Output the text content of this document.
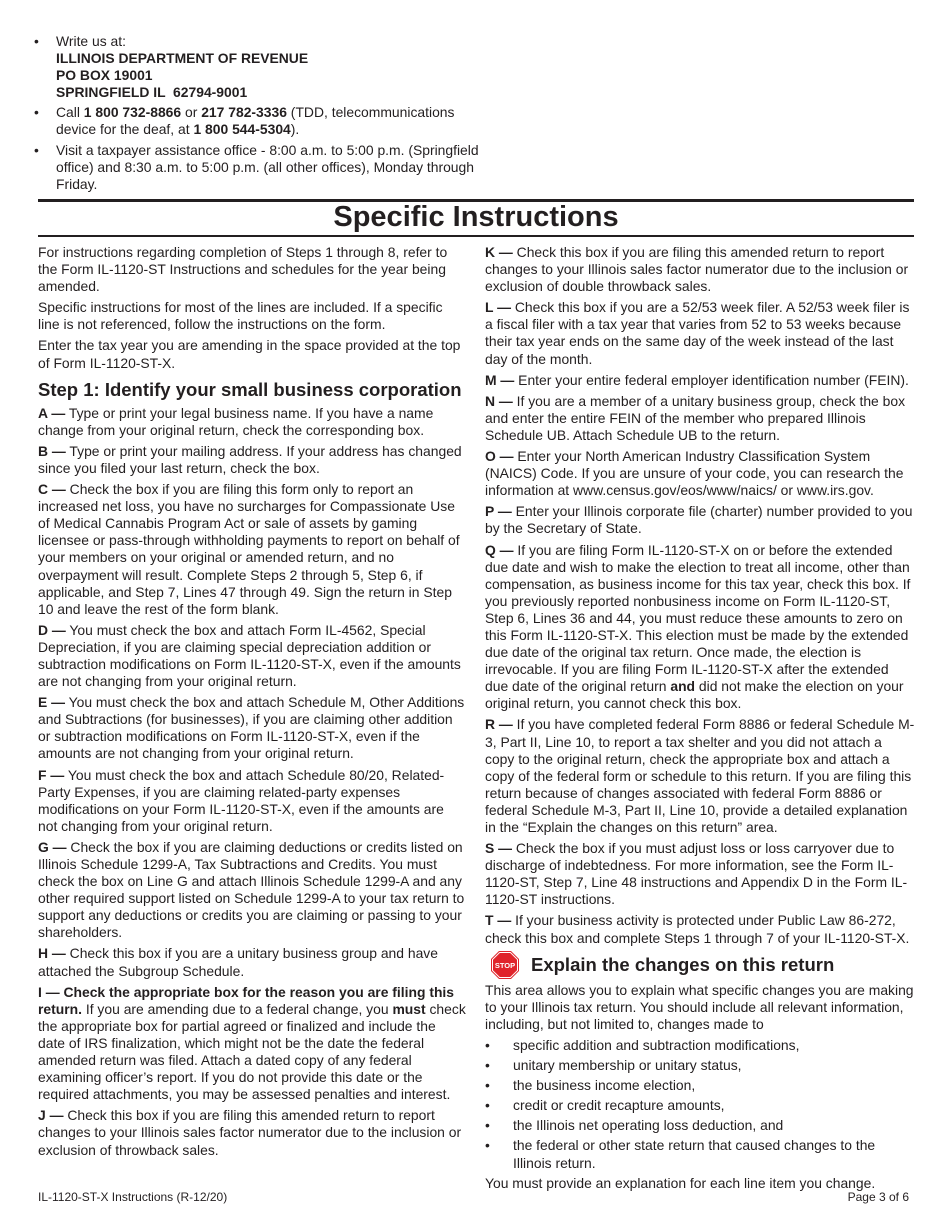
• Write us at:
ILLINOIS DEPARTMENT OF REVENUE
PO BOX 19001
SPRINGFIELD IL  62794-9001
• Call 1 800 732-8866 or 217 782-3336 (TDD, telecommunications device for the deaf, at 1 800 544-5304).
• Visit a taxpayer assistance office - 8:00 a.m. to 5:00 p.m. (Springfield office) and 8:30 a.m. to 5:00 p.m. (all other offices), Monday through Friday.
Specific Instructions

For instructions regarding completion of Steps 1 through 8, refer to the Form IL-1120-ST Instructions and schedules for the year being amended.

Specific instructions for most of the lines are included. If a specific line is not referenced, follow the instructions on the form.

Enter the tax year you are amending in the space provided at the top of Form IL-1120-ST-X.

Step 1: Identify your small business corporation

A — Type or print your legal business name. If you have a name change from your original return, check the corresponding box.

B — Type or print your mailing address. If your address has changed since you filed your last return, check the box.

C — Check the box if you are filing this form only to report an increased net loss, you have no surcharges for Compassionate Use of Medical Cannabis Program Act or sale of assets by gaming licensee or pass-through withholding payments to report on behalf of your members on your original or amended return, and no overpayment will result. Complete Steps 2 through 5, Step 6, if applicable, and Step 7, Lines 47 through 49. Sign the return in Step 10 and leave the rest of the form blank.

D — You must check the box and attach Form IL-4562, Special Depreciation, if you are claiming special depreciation addition or subtraction modifications on Form IL-1120-ST-X, even if the amounts are not changing from your original return.

E — You must check the box and attach Schedule M, Other Additions and Subtractions (for businesses), if you are claiming other addition or subtraction modifications on Form IL-1120-ST-X, even if the amounts are not changing from your original return.

F — You must check the box and attach Schedule 80/20, Related-Party Expenses, if you are claiming related-party expenses modifications on your Form IL-1120-ST-X, even if the amounts are not changing from your original return.

G — Check the box if you are claiming deductions or credits listed on Illinois Schedule 1299-A, Tax Subtractions and Credits. You must check the box on Line G and attach Illinois Schedule 1299-A and any other required support listed on Schedule 1299-A to your tax return to support any deductions or credits you are claiming or passing to your shareholders.

H — Check this box if you are a unitary business group and have attached the Subgroup Schedule.

I — Check the appropriate box for the reason you are filing this return. If you are amending due to a federal change, you must check the appropriate box for partial agreed or finalized and include the date of IRS finalization, which might not be the date the federal amended return was filed. Attach a dated copy of any federal examining officer’s report. If you do not provide this date or the required attachments, you may be assessed penalties and interest.

J — Check this box if you are filing this amended return to report changes to your Illinois sales factor numerator due to the inclusion or exclusion of throwback sales.

K — Check this box if you are filing this amended return to report changes to your Illinois sales factor numerator due to the inclusion or exclusion of double throwback sales.

L — Check this box if you are a 52/53 week filer. A 52/53 week filer is a fiscal filer with a tax year that varies from 52 to 53 weeks because their tax year ends on the same day of the week instead of the last day of the month.

M — Enter your entire federal employer identification number (FEIN).

N — If you are a member of a unitary business group, check the box and enter the entire FEIN of the member who prepared Illinois Schedule UB. Attach Schedule UB to the return.

O — Enter your North American Industry Classification System (NAICS) Code. If you are unsure of your code, you can research the information at www.census.gov/eos/www/naics/ or www.irs.gov.

P — Enter your Illinois corporate file (charter) number provided to you by the Secretary of State.

Q — If you are filing Form IL-1120-ST-X on or before the extended due date and wish to make the election to treat all income, other than compensation, as business income for this tax year, check this box. If you previously reported nonbusiness income on Form IL-1120-ST, Step 6, Lines 36 and 44, you must reduce these amounts to zero on this Form IL-1120-ST-X. This election must be made by the extended due date of the original tax return. Once made, the election is irrevocable. If you are filing Form IL-1120-ST-X after the extended due date of the original return and did not make the election on your original return, you cannot check this box.

R — If you have completed federal Form 8886 or federal Schedule M-3, Part II, Line 10, to report a tax shelter and you did not attach a copy to the original return, check the appropriate box and attach a copy of the federal form or schedule to this return. If you are filing this return because of changes associated with federal Form 8886 or federal Schedule M-3, Part II, Line 10, provide a detailed explanation in the “Explain the changes on this return” area.

S — Check the box if you must adjust loss or loss carryover due to discharge of indebtedness. For more information, see the Form IL-1120-ST, Step 7, Line 48 instructions and Appendix D in the Form IL-1120-ST instructions.

T — If your business activity is protected under Public Law 86-272, check this box and complete Steps 1 through 7 of your IL-1120-ST-X.

STOP Explain the changes on this return

This area allows you to explain what specific changes you are making to your Illinois tax return. You should include all relevant information, including, but not limited to, changes made to

• specific addition and subtraction modifications,
• unitary membership or unitary status,
• the business income election,
• credit or credit recapture amounts,
• the Illinois net operating loss deduction, and
• the federal or other state return that caused changes to the Illinois return.

You must provide an explanation for each line item you change.

IL-1120-ST-X Instructions (R-12/20)	Page 3 of 6
